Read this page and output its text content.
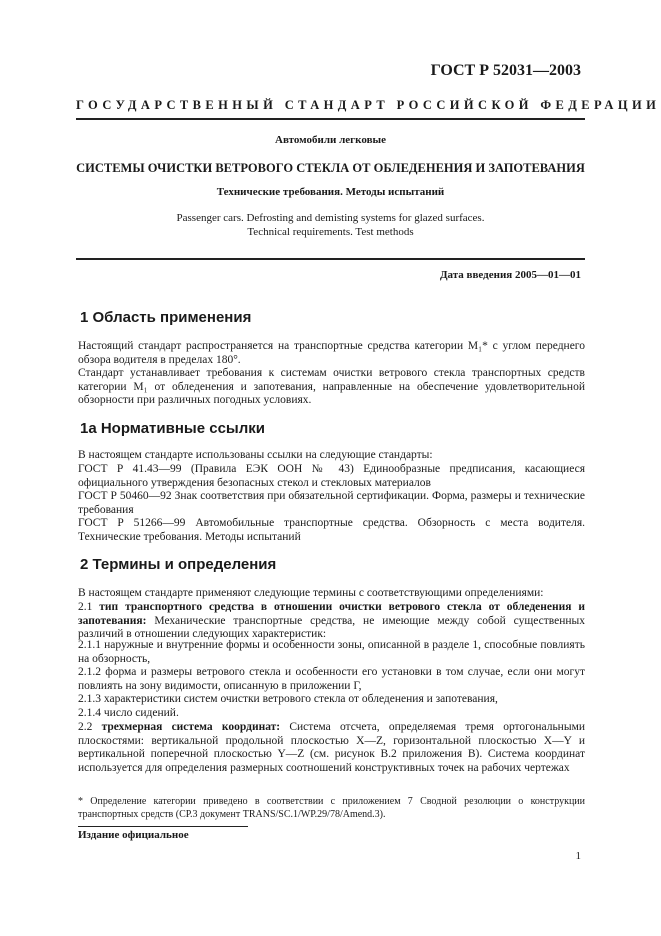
ГОСТ Р 52031—2003
ГОСУДАРСТВЕННЫЙ СТАНДАРТ РОССИЙСКОЙ ФЕДЕРАЦИИ
Автомобили легковые
СИСТЕМЫ ОЧИСТКИ ВЕТРОВОГО СТЕКЛА ОТ ОБЛЕДЕНЕНИЯ И ЗАПОТЕВАНИЯ
Технические требования. Методы испытаний
Passenger cars. Defrosting and demisting systems for glazed surfaces.
Technical requirements. Test methods
Дата введения 2005—01—01
1 Область применения

Настоящий стандарт распространяется на транспортные средства категории M₁* с углом переднего обзора водителя в пределах 180°.

Стандарт устанавливает требования к системам очистки ветрового стекла транспортных средств категории M₁ от обледенения и запотевания, направленные на обеспечение удовлетворительной обзорности при различных погодных условиях.

1а Нормативные ссылки

В настоящем стандарте использованы ссылки на следующие стандарты:

ГОСТ Р 41.43—99 (Правила ЕЭК ООН № 43) Единообразные предписания, касающиеся официального утверждения безопасных стекол и стекловых материалов

ГОСТ Р 50460—92 Знак соответствия при обязательной сертификации. Форма, размеры и технические требования

ГОСТ Р 51266—99 Автомобильные транспортные средства. Обзорность с места водителя. Технические требования. Методы испытаний

2 Термины и определения

В настоящем стандарте применяют следующие термины с соответствующими определениями:

2.1 тип транспортного средства в отношении очистки ветрового стекла от обледенения и запотевания: Механические транспортные средства, не имеющие между собой существенных различий в отношении следующих характеристик:

2.1.1 наружные и внутренние формы и особенности зоны, описанной в разделе 1, способные повлиять на обзорность,

2.1.2 форма и размеры ветрового стекла и особенности его установки в том случае, если они могут повлиять на зону видимости, описанную в приложении Г,

2.1.3 характеристики систем очистки ветрового стекла от обледенения и запотевания,

2.1.4 число сидений.

2.2 трехмерная система координат: Система отсчета, определяемая тремя ортогональными плоскостями: вертикальной продольной плоскостью X—Z, горизонтальной плоскостью X—Y и вертикальной поперечной плоскостью Y—Z (см. рисунок В.2 приложения В). Система координат используется для определения размерных соотношений конструктивных точек на рабочих чертежах

* Определение категории приведено в соответствии с приложением 7 Сводной резолюции о конструкции транспортных средств (СР.3 документ TRANS/SC.1/WP.29/78/Amend.3).
Издание официальное
1
